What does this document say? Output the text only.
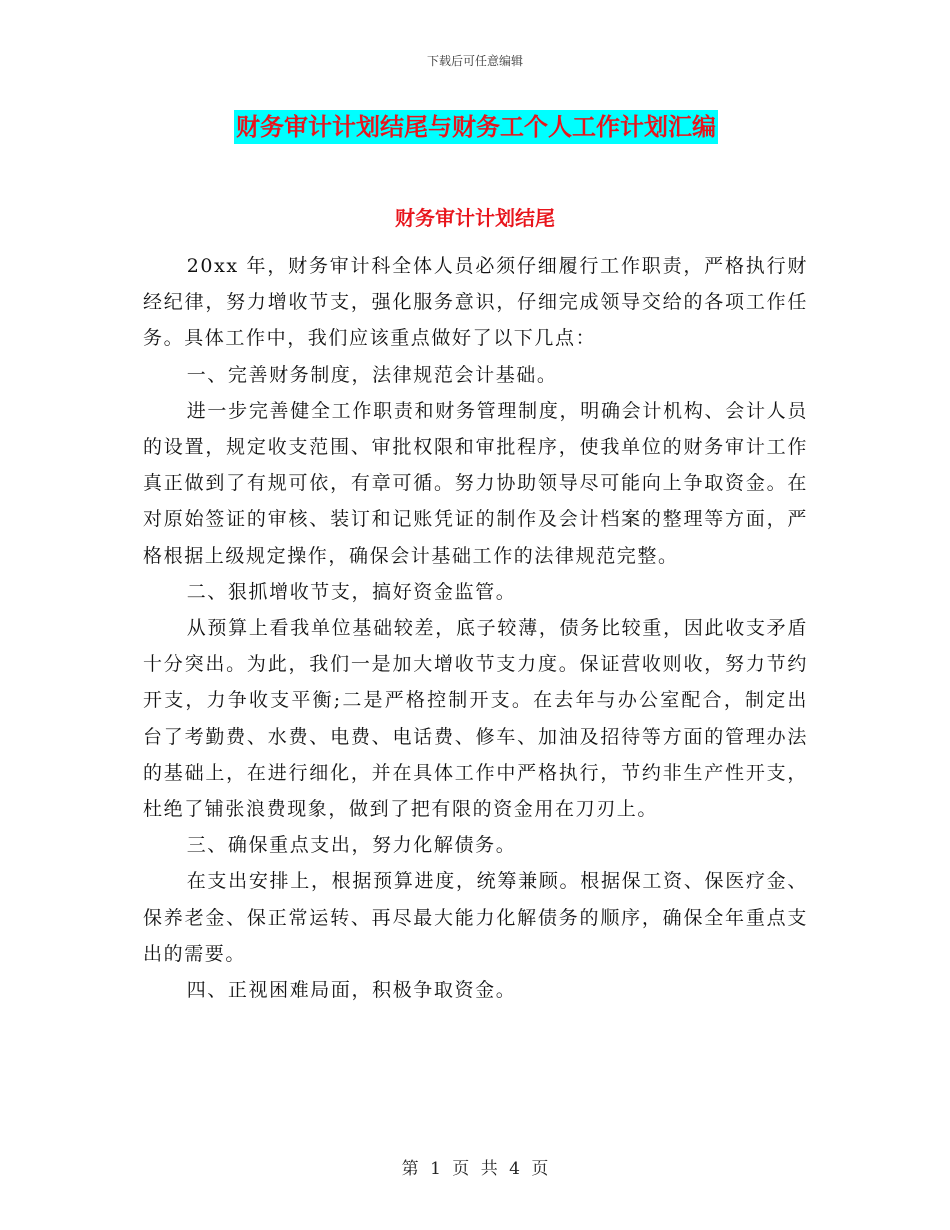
下载后可任意编辑
财务审计计划结尾与财务工个人工作计划汇编
财务审计计划结尾

20xx 年，财务审计科全体人员必须仔细履行工作职责，严格执行财经纪律，努力增收节支，强化服务意识，仔细完成领导交给的各项工作任务。具体工作中，我们应该重点做好了以下几点：

一、完善财务制度，法律规范会计基础。

进一步完善健全工作职责和财务管理制度，明确会计机构、会计人员的设置，规定收支范围、审批权限和审批程序，使我单位的财务审计工作真正做到了有规可依，有章可循。努力协助领导尽可能向上争取资金。在对原始签证的审核、装订和记账凭证的制作及会计档案的整理等方面，严格根据上级规定操作，确保会计基础工作的法律规范完整。

二、狠抓增收节支，搞好资金监管。

从预算上看我单位基础较差，底子较薄，债务比较重，因此收支矛盾十分突出。为此，我们一是加大增收节支力度。保证营收则收，努力节约开支，力争收支平衡;二是严格控制开支。在去年与办公室配合，制定出台了考勤费、水费、电费、电话费、修车、加油及招待等方面的管理办法的基础上，在进行细化，并在具体工作中严格执行，节约非生产性开支，杜绝了铺张浪费现象，做到了把有限的资金用在刀刃上。

三、确保重点支出，努力化解债务。

在支出安排上，根据预算进度，统筹兼顾。根据保工资、保医疗金、保养老金、保正常运转、再尽最大能力化解债务的顺序，确保全年重点支出的需要。

四、正视困难局面，积极争取资金。

第 1 页 共 4 页
